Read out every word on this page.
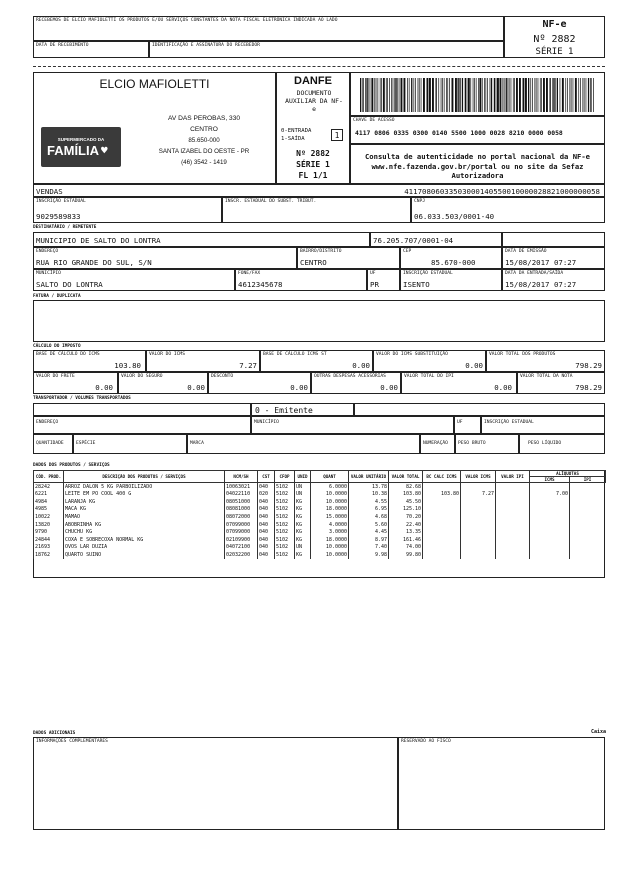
RECEBEMOS DE ELCIO MAFIOLETTI OS PRODUTOS E/OU SERVIÇOS CONSTANTES DA NOTA FISCAL ELETRÔNICA INDICADA AO LADO
DATA DE RECEBIMENTO	IDENTIFICAÇÃO E ASSINATURA DO RECEBEDOR
NF-e
Nº 2882
SÉRIE 1
ELCIO MAFIOLETTI
SUPERMERCADO DA
FAMÍLIA ♥
AV DAS PEROBAS, 330
CENTRO
85.650-000
SANTA IZABEL DO OESTE - PR
(46) 3542 - 1419
DANFE
DOCUMENTO AUXILIAR DA NF-e
0-ENTRADA
1-SAÍDA	1
Nº 2882
SÉRIE 1
FL 1/1
CHAVE DE ACESSO
4117 0806 0335 0300 0140 5500 1000 0028 8210 0000 0058
Consulta de autenticidade no portal nacional da NF-e www.nfe.fazenda.gov.br/portal ou no site da Sefaz Autorizadora
VENDAS	41170806033503000140550010000028821000000058
INSCRIÇÃO ESTADUAL
9029589833
INSCR. ESTADUAL DO SUBST. TRIBUT.	CNPJ
06.033.503/0001-40
DESTINATÁRIO / REMETENTE
MUNICIPIO DE SALTO DO LONTRA	76.205.707/0001-04
ENDEREÇO
RUA RIO GRANDE DO SUL, S/N
BAIRRO/DISTRITO
CENTRO
CEP
85.670-000
DATA DE EMISSÃO
15/08/2017 07:27
MUNICÍPIO
SALTO DO LONTRA
FONE/FAX
4612345678
UF
PR
INSCRIÇÃO ESTADUAL
ISENTO
DATA DA ENTRADA/SAÍDA
15/08/2017 07:27
FATURA / DUPLICATA
CÁLCULO DO IMPOSTO
BASE DE CÁLCULO DO ICMS
103.80
VALOR DO ICMS
7.27
BASE DE CÁLCULO ICMS ST
0.00
VALOR DO ICMS SUBSTITUIÇÃO
0.00
VALOR TOTAL DOS PRODUTOS
798.29
VALOR DO FRETE
0.00
VALOR DO SEGURO
0.00
DESCONTO
0.00
OUTRAS DESPESAS ACESSÓRIAS
0.00
VALOR TOTAL DO IPI
0.00
VALOR TOTAL DA NOTA
798.29
TRANSPORTADOR / VOLUMES TRANSPORTADOS
0 - Emitente
ENDEREÇO	MUNICÍPIO	UF	INSCRIÇÃO ESTADUAL
QUANTIDADE	ESPÉCIE	MARCA	NUMERAÇÃO PESO BRUTO	PESO LÍQUIDO
DADOS DOS PRODUTOS / SERVIÇOS
CÓD. PROD.	DESCRIÇÃO DOS PRODUTOS / SERVIÇOS	NCM/SH	CST	CFOP	UNID	QUANT	VALOR UNITÁRIO	VALOR TOTAL	BC CALC ICMS	VALOR ICMS	VALOR IPI	ALÍQUOTAS	
												ICMS	IPI
28242	ARROZ DALON 5 KG PARBOILIZADO	10063021	040	5102	UN	6.0000	13.78	82.68					
6221	LEITE EM PO COOL 400 G	04022110	020	5102	UN	10.0000	10.38	103.80	103.80	7.27		7.00	
4984	LARANJA KG	08051000	040	5102	KG	10.0000	4.55	45.50					
4985	MACA KG	08081000	040	5102	KG	18.0000	6.95	125.10					
10022	MAMAO	08072000	040	5102	KG	15.0000	4.68	70.20					
13820	ABOBRINHA KG	07099000	040	5102	KG	4.0000	5.60	22.40					
9790	CHUCHU KG	07099000	040	5102	KG	3.0000	4.45	13.35					
24844	COXA E SOBRECOXA NORMAL KG	02109900	040	5102	KG	18.0000	8.97	161.46					
21693	OVOS LAR DUZIA	04072100	040	5102	UN	10.0000	7.40	74.00					
18762	QUARTO SUINO	02032200	040	5102	KG	10.0000	9.98	99.80					
DADOS ADICIONAIS	Caixa
INFORMAÇÕES COMPLEMENTARES	RESERVADO AO FISCO
